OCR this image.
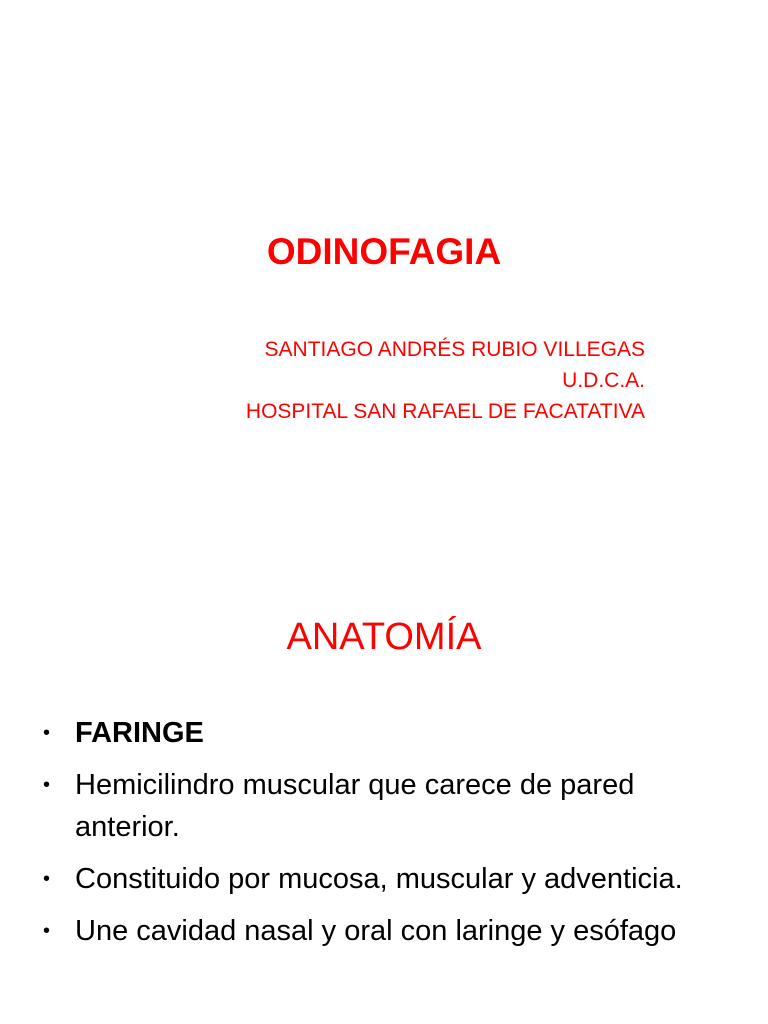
ODINOFAGIA
SANTIAGO ANDRÉS RUBIO VILLEGAS
U.D.C.A.
HOSPITAL SAN RAFAEL DE FACATATIVA
ANATOMÍA
• FARINGE
• Hemicilindro muscular que carece de pared anterior.
• Constituido por mucosa, muscular y adventicia.
• Une cavidad nasal y oral con laringe y esófago
